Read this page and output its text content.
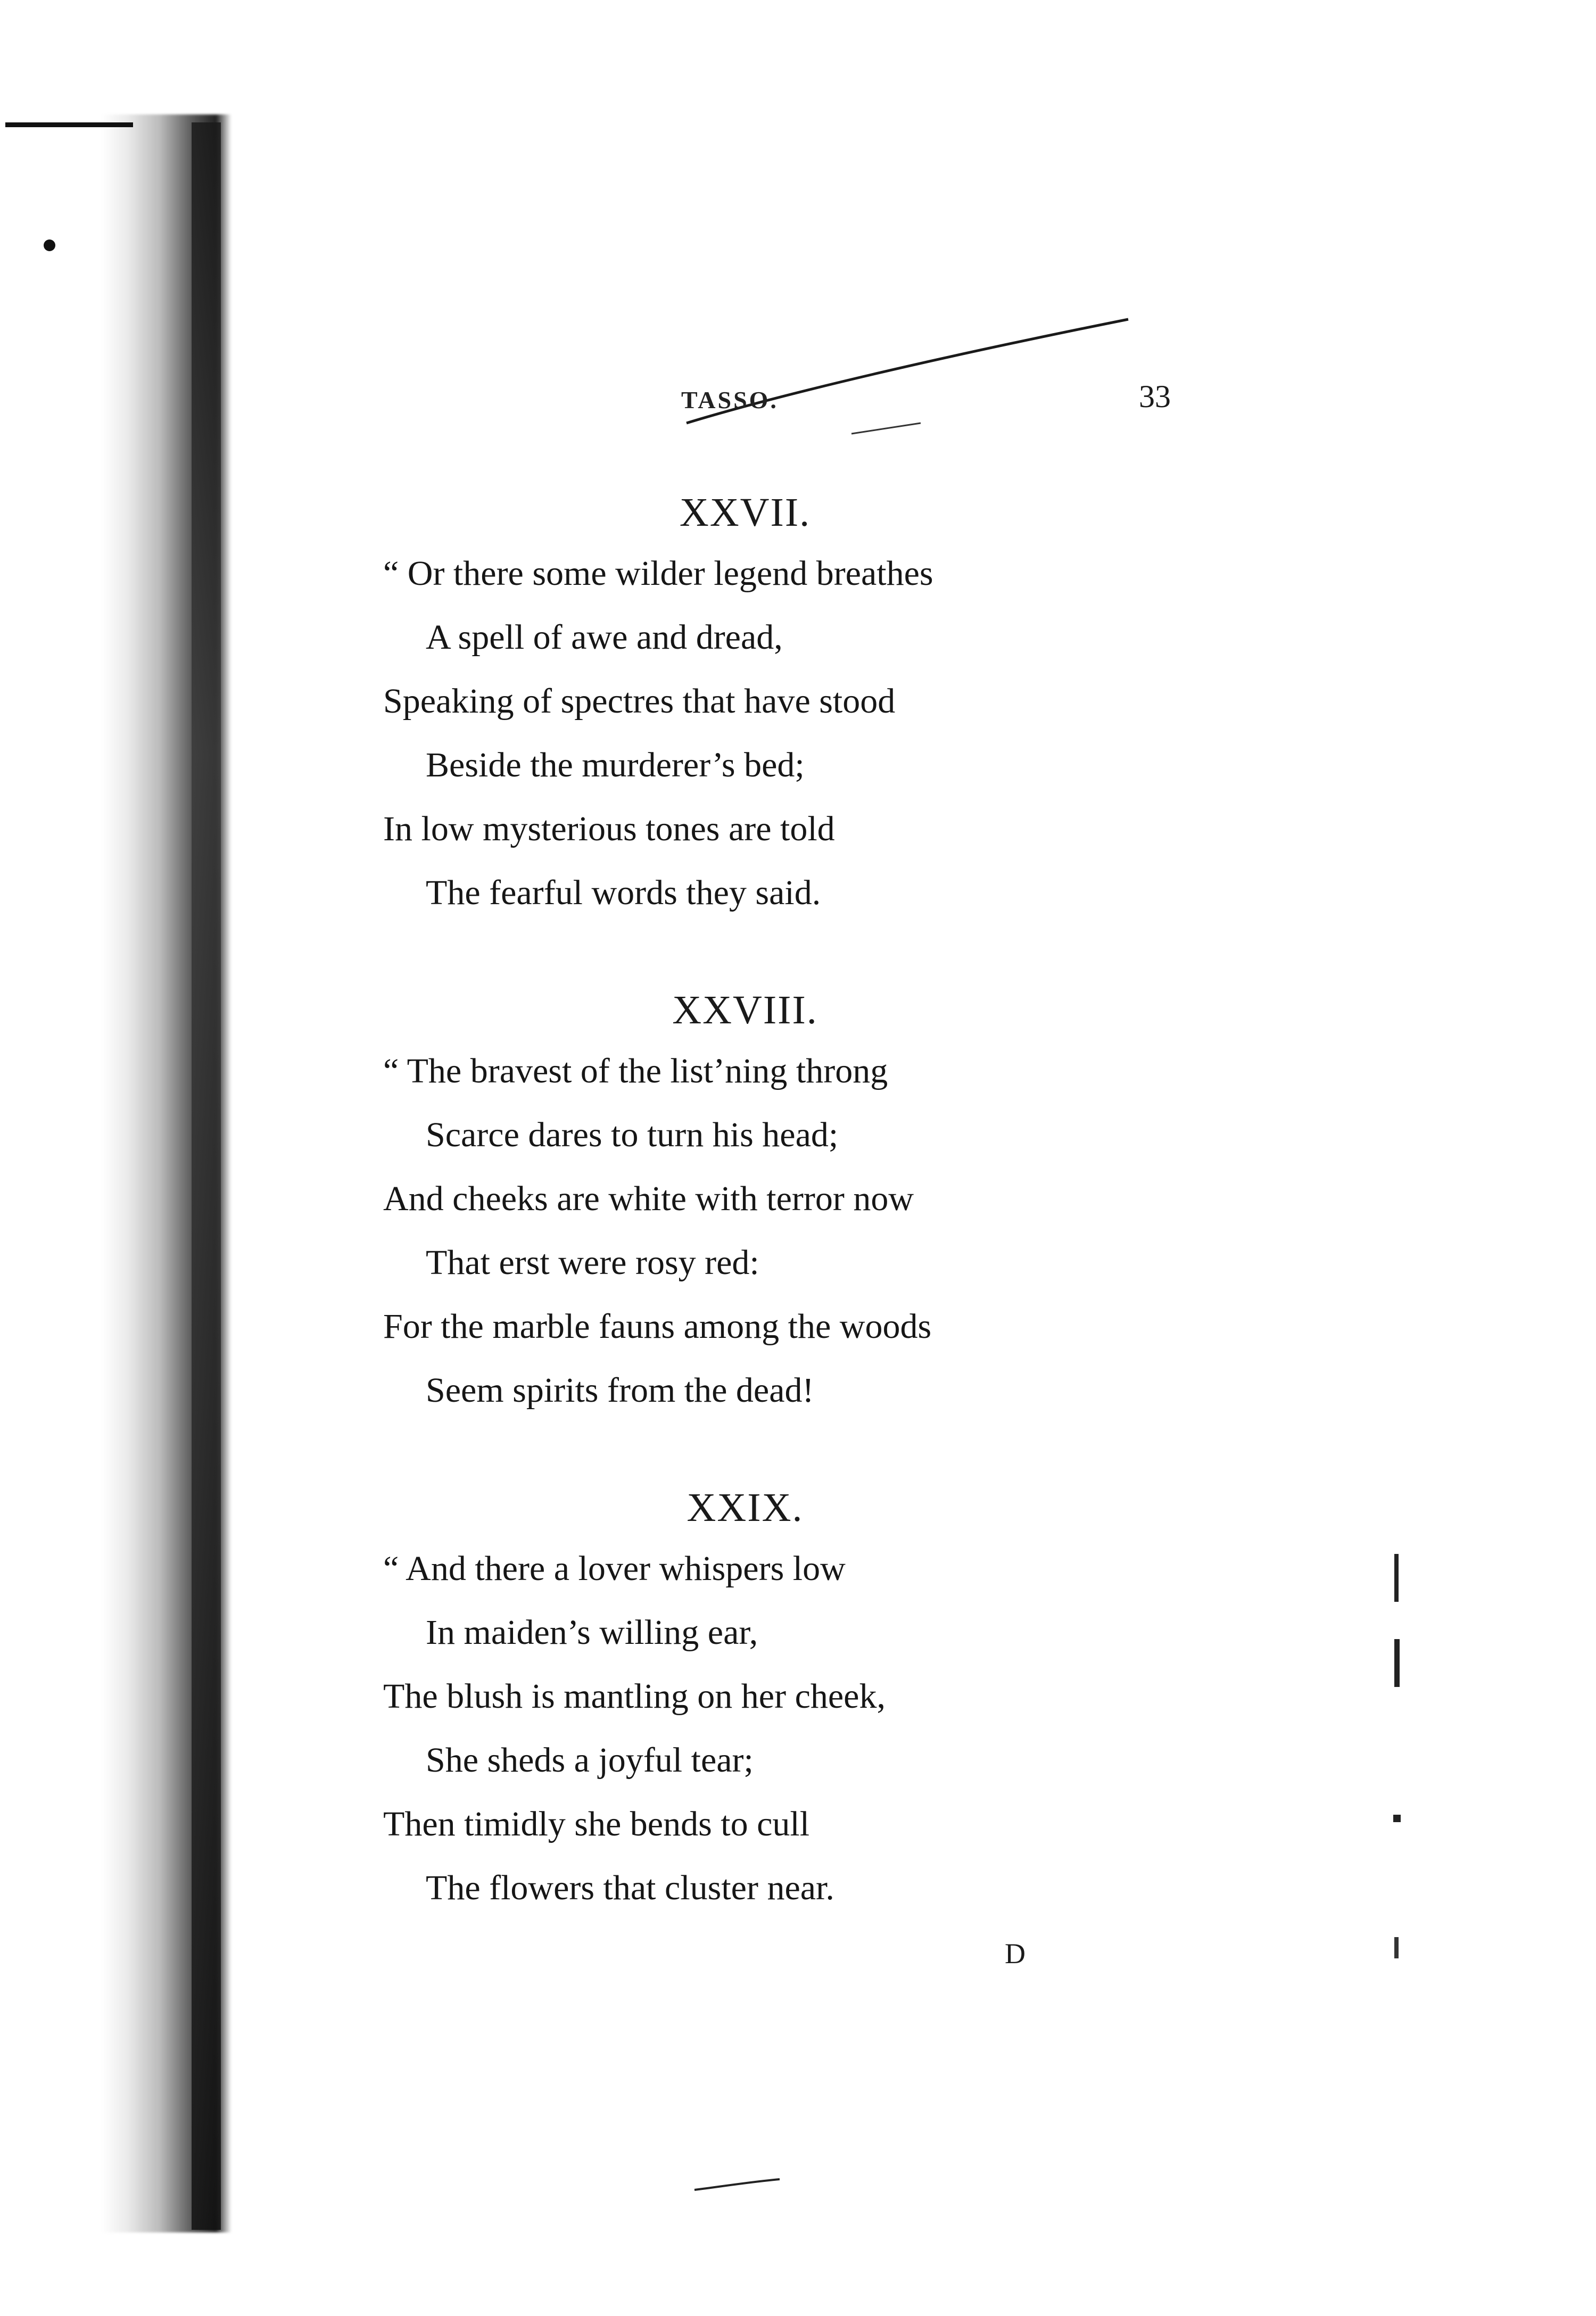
TASSO.	33
XXVII.
“ Or there some wilder legend breathes
A spell of awe and dread,
Speaking of spectres that have stood
Beside the murderer’s bed;
In low mysterious tones are told
The fearful words they said.
XXVIII.
“ The bravest of the list’ning throng
Scarce dares to turn his head;
And cheeks are white with terror now
That erst were rosy red:
For the marble fauns among the woods
Seem spirits from the dead!
XXIX.
“ And there a lover whispers low
In maiden’s willing ear,
The blush is mantling on her cheek,
She sheds a joyful tear;
Then timidly she bends to cull
The flowers that cluster near.
D
